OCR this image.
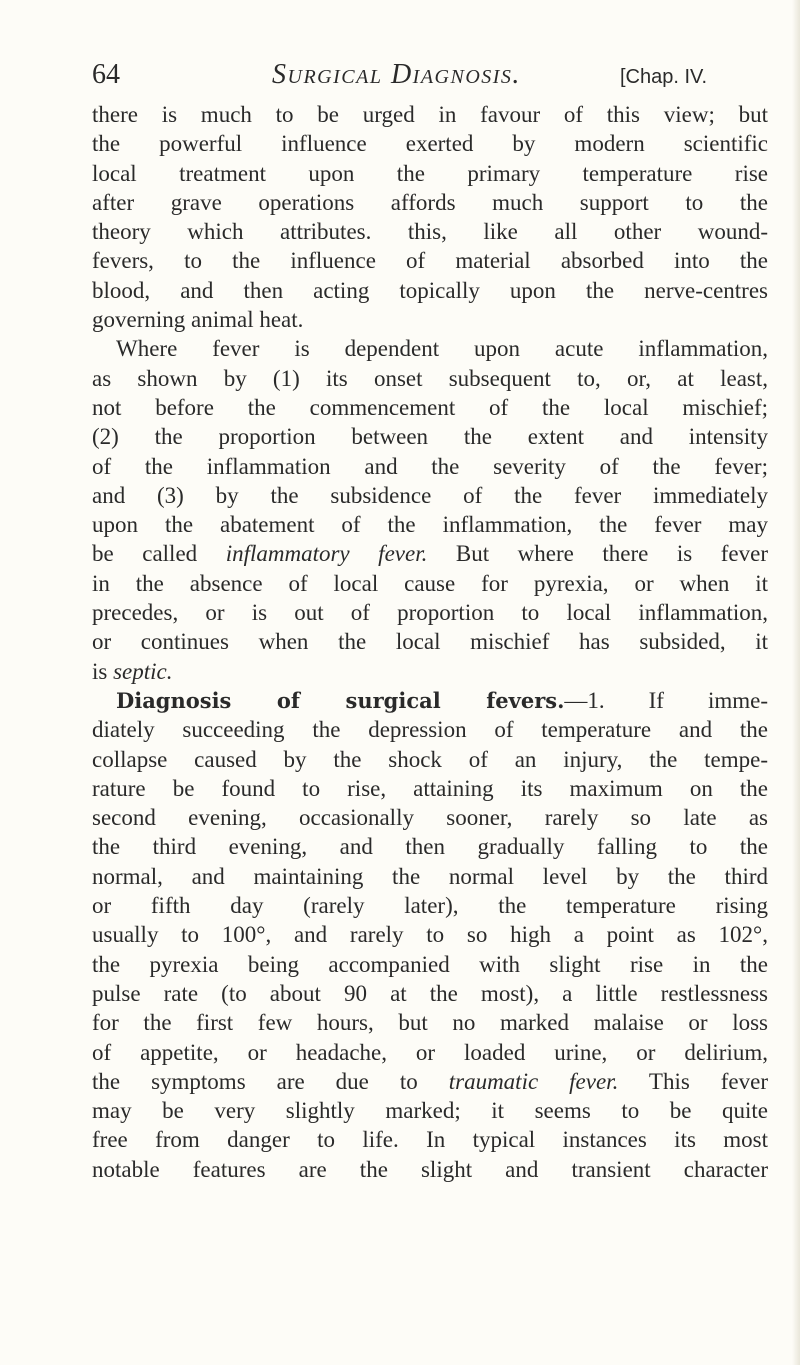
64	Surgical Diagnosis.	[Chap. IV.
there is much to be urged in favour of this view; but
the powerful influence exerted by modern scientific
local treatment upon the primary temperature rise
after grave operations affords much support to the
theory which attributes. this, like all other wound-
fevers, to the influence of material absorbed into the
blood, and then acting topically upon the nerve-centres
governing animal heat.
Where fever is dependent upon acute inflammation,
as shown by (1) its onset subsequent to, or, at least,
not before the commencement of the local mischief;
(2) the proportion between the extent and intensity
of the inflammation and the severity of the fever;
and (3) by the subsidence of the fever immediately
upon the abatement of the inflammation, the fever may
be called inflammatory fever. But where there is fever
in the absence of local cause for pyrexia, or when it
precedes, or is out of proportion to local inflammation,
or continues when the local mischief has subsided, it
is septic.
Diagnosis of surgical fevers.—1. If imme-
diately succeeding the depression of temperature and the
collapse caused by the shock of an injury, the tempe-
rature be found to rise, attaining its maximum on the
second evening, occasionally sooner, rarely so late as
the third evening, and then gradually falling to the
normal, and maintaining the normal level by the third
or fifth day (rarely later), the temperature rising
usually to 100°, and rarely to so high a point as 102°,
the pyrexia being accompanied with slight rise in the
pulse rate (to about 90 at the most), a little restlessness
for the first few hours, but no marked malaise or loss
of appetite, or headache, or loaded urine, or delirium,
the symptoms are due to traumatic fever. This fever
may be very slightly marked; it seems to be quite
free from danger to life. In typical instances its most
notable features are the slight and transient character
